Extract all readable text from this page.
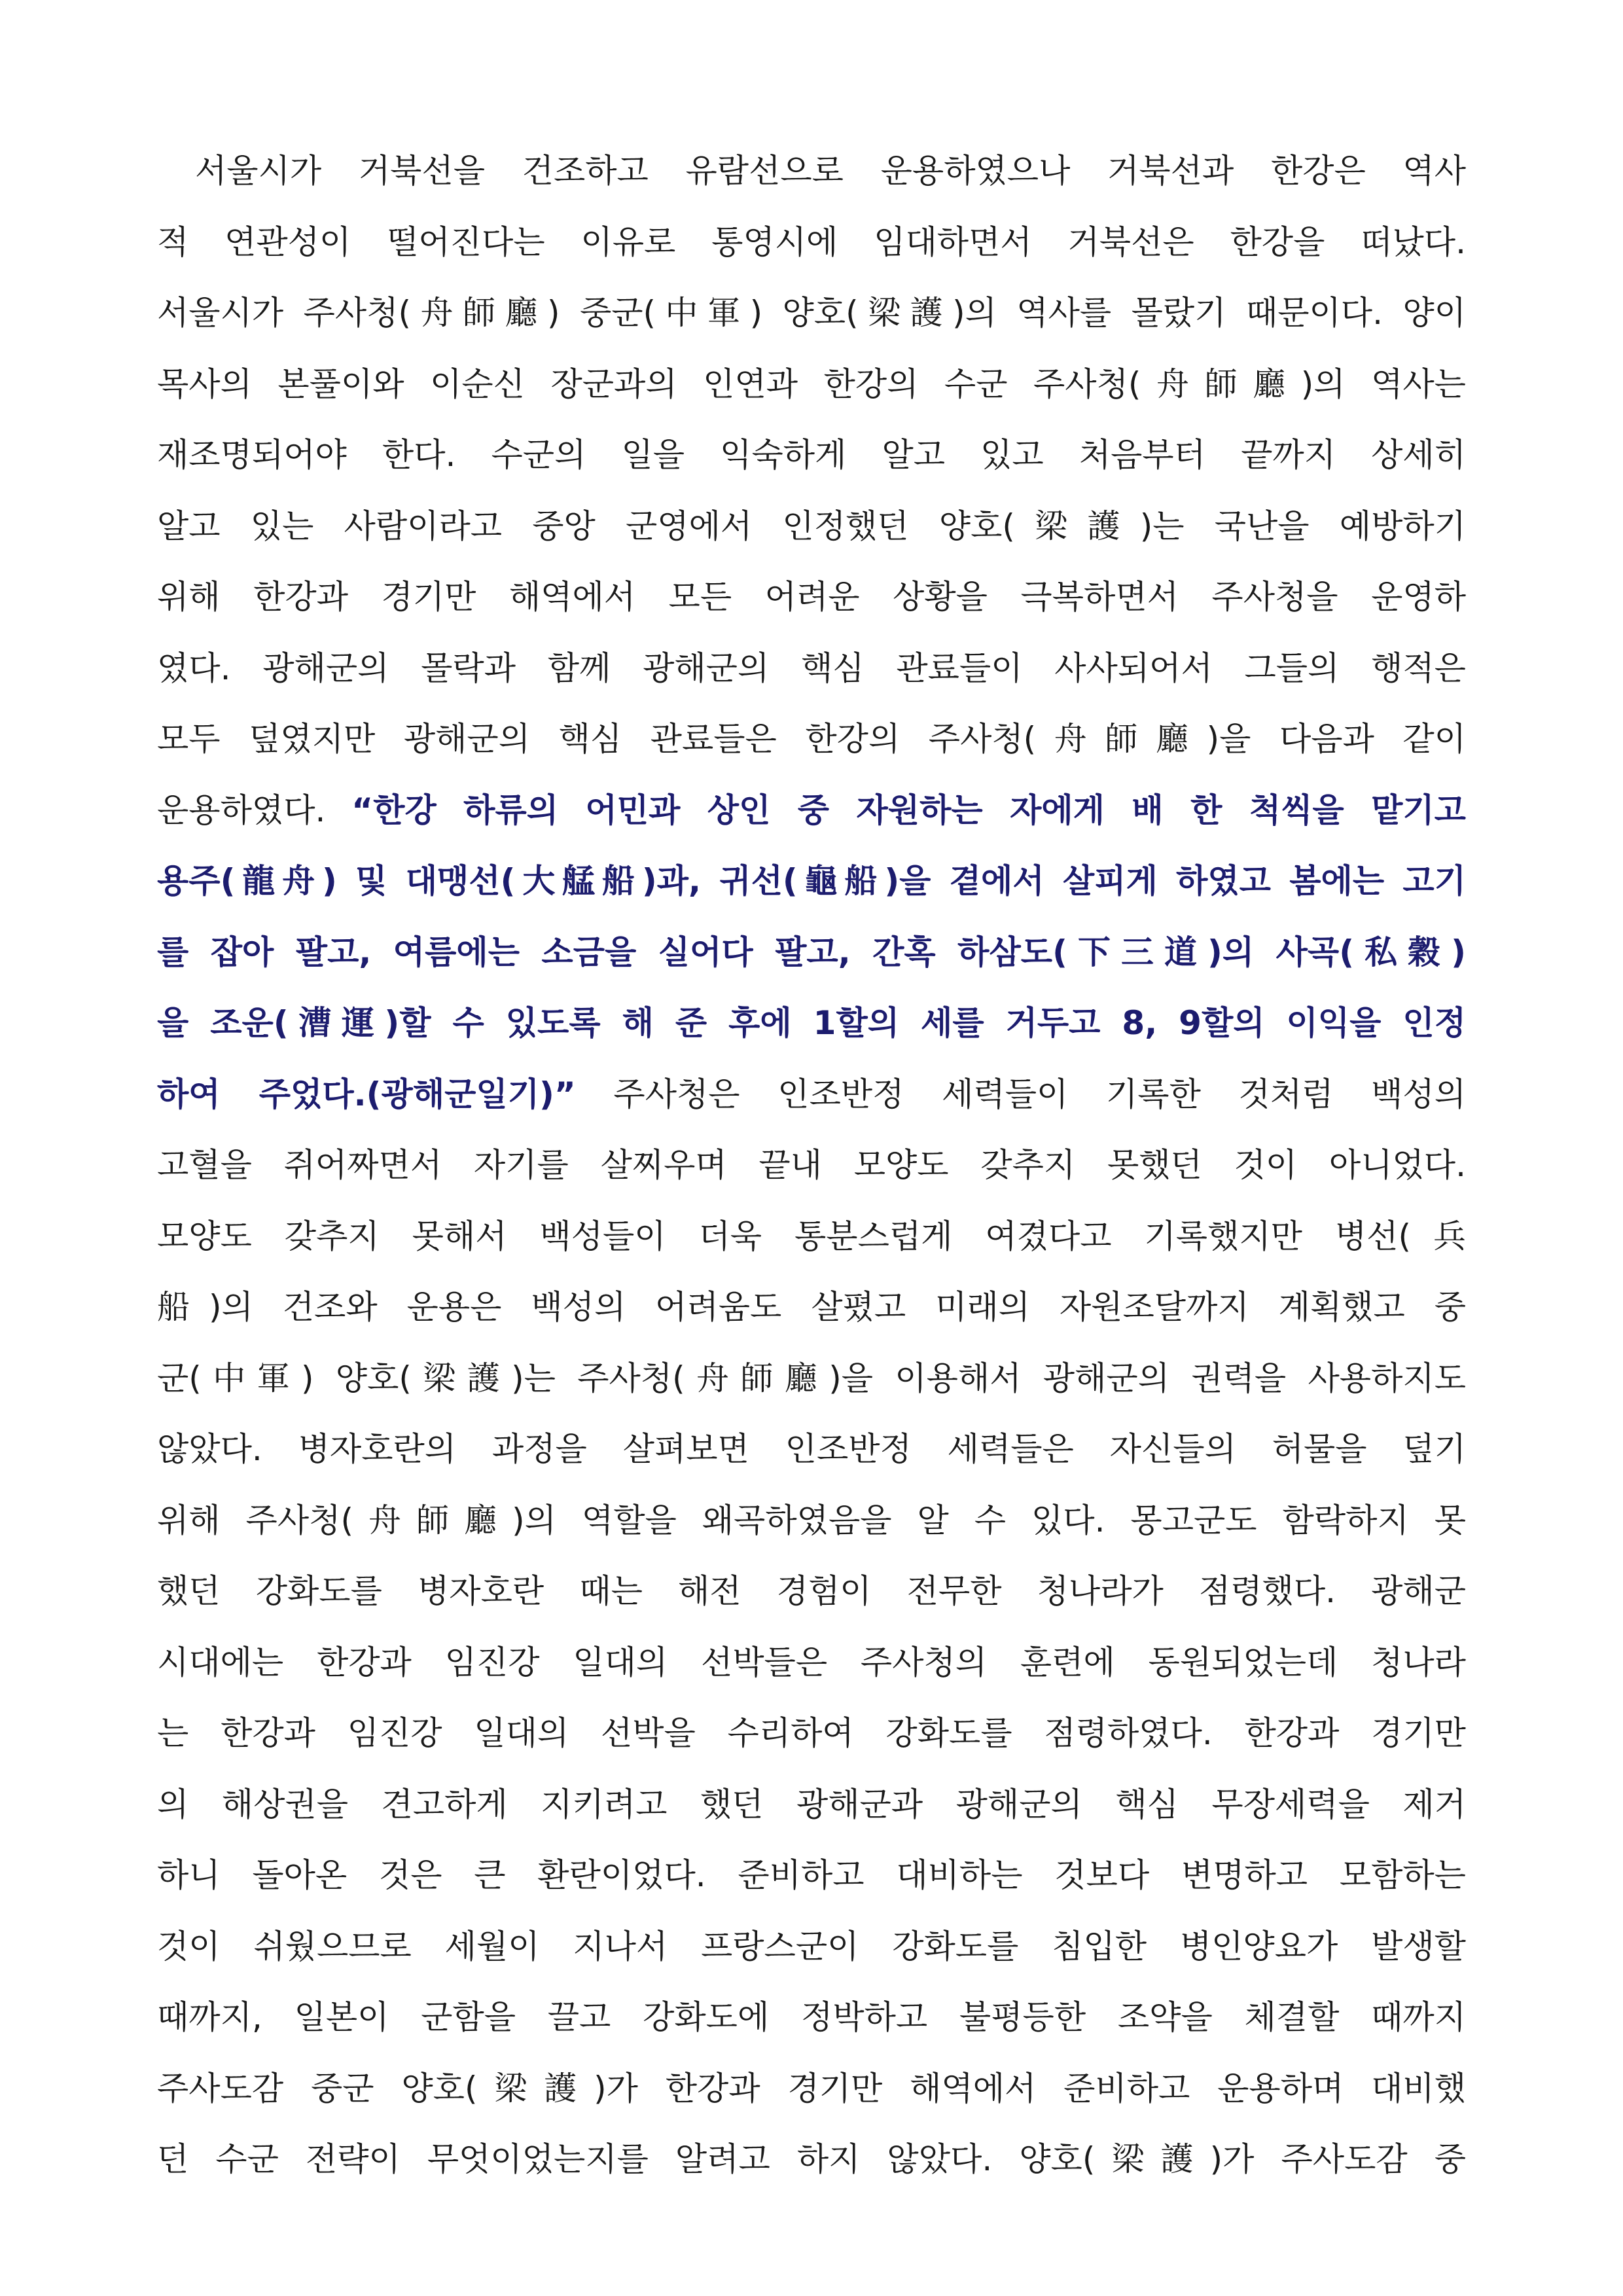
서울시가 거북선을 건조하고 유람선으로 운용하였으나 거북선과 한강은 역사
적 연관성이 떨어진다는 이유로 통영시에 임대하면서 거북선은 한강을 떠났다.
서울시가 주사청(舟師廳) 중군(中軍) 양호(梁護)의 역사를 몰랐기 때문이다. 양이
목사의 본풀이와 이순신 장군과의 인연과 한강의 수군 주사청(舟師廳)의 역사는
재조명되어야 한다. 수군의 일을 익숙하게 알고 있고 처음부터 끝까지 상세히
알고 있는 사람이라고 중앙 군영에서 인정했던 양호(梁護)는 국난을 예방하기
위해 한강과 경기만 해역에서 모든 어려운 상황을 극복하면서 주사청을 운영하
였다. 광해군의 몰락과 함께 광해군의 핵심 관료들이 사사되어서 그들의 행적은
모두 덮였지만 광해군의 핵심 관료들은 한강의 주사청(舟師廳)을 다음과 같이
운용하였다. “한강 하류의 어민과 상인 중 자원하는 자에게 배 한 척씩을 맡기고
용주(龍舟) 및 대맹선(大艋船)과, 귀선(龜船)을 곁에서 살피게 하였고 봄에는 고기
를 잡아 팔고, 여름에는 소금을 실어다 팔고, 간혹 하삼도(下三道)의 사곡(私穀)
을 조운(漕運)할 수 있도록 해 준 후에 1할의 세를 거두고 8, 9할의 이익을 인정
하여 주었다.(광해군일기)” 주사청은 인조반정 세력들이 기록한 것처럼 백성의
고혈을 쥐어짜면서 자기를 살찌우며 끝내 모양도 갖추지 못했던 것이 아니었다.
모양도 갖추지 못해서 백성들이 더욱 통분스럽게 여겼다고 기록했지만 병선(兵
船)의 건조와 운용은 백성의 어려움도 살폈고 미래의 자원조달까지 계획했고 중
군(中軍) 양호(梁護)는 주사청(舟師廳)을 이용해서 광해군의 권력을 사용하지도
않았다. 병자호란의 과정을 살펴보면 인조반정 세력들은 자신들의 허물을 덮기
위해 주사청(舟師廳)의 역할을 왜곡하였음을 알 수 있다. 몽고군도 함락하지 못
했던 강화도를 병자호란 때는 해전 경험이 전무한 청나라가 점령했다. 광해군
시대에는 한강과 임진강 일대의 선박들은 주사청의 훈련에 동원되었는데 청나라
는 한강과 임진강 일대의 선박을 수리하여 강화도를 점령하였다. 한강과 경기만
의 해상권을 견고하게 지키려고 했던 광해군과 광해군의 핵심 무장세력을 제거
하니 돌아온 것은 큰 환란이었다. 준비하고 대비하는 것보다 변명하고 모함하는
것이 쉬웠으므로 세월이 지나서 프랑스군이 강화도를 침입한 병인양요가 발생할
때까지, 일본이 군함을 끌고 강화도에 정박하고 불평등한 조약을 체결할 때까지
주사도감 중군 양호(梁護)가 한강과 경기만 해역에서 준비하고 운용하며 대비했
던 수군 전략이 무엇이었는지를 알려고 하지 않았다. 양호(梁護)가 주사도감 중
